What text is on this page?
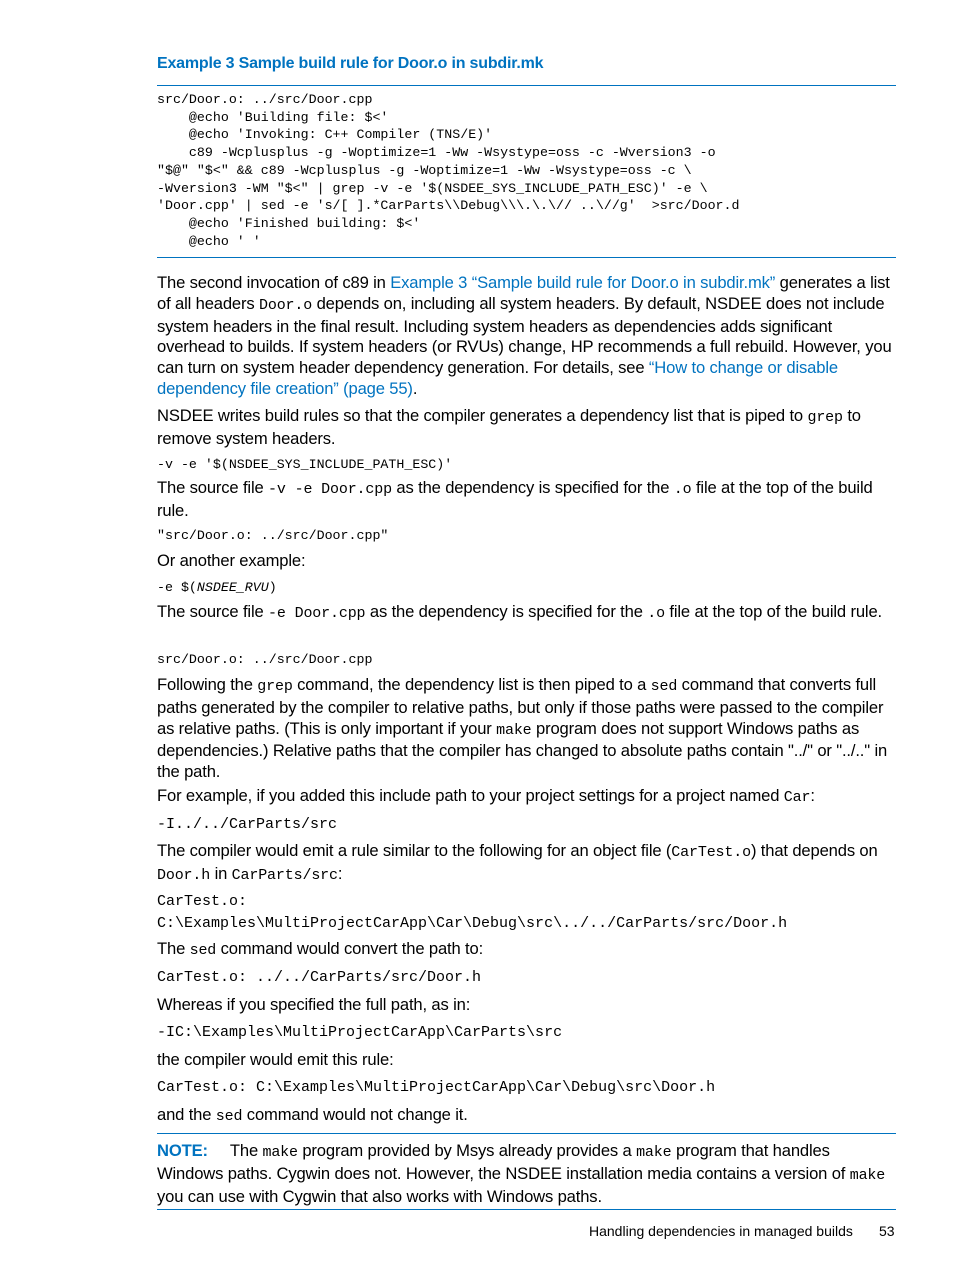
Example 3 Sample build rule for Door.o in subdir.mk
src/Door.o: ../src/Door.cpp
@echo 'Building file: $<'
@echo 'Invoking: C++ Compiler (TNS/E)'
c89 -Wcplusplus -g -Woptimize=1 -Ww -Wsystype=oss -c -Wversion3 -o
"$@" "$<" && c89 -Wcplusplus -g -Woptimize=1 -Ww -Wsystype=oss -c \
-Wversion3 -WM "$<" | grep -v -e '$(NSDEE_SYS_INCLUDE_PATH_ESC)' -e \
'Door.cpp' | sed -e 's/[ ].*CarParts\\Debug\\\.\.\// ..\//g'  >src/Door.d
@echo 'Finished building: $<'
@echo ' '

The second invocation of c89 in Example 3 “Sample build rule for Door.o in subdir.mk” generates a list of all headers Door.o depends on, including all system headers. By default, NSDEE does not include system headers in the final result. Including system headers as dependencies adds significant overhead to builds. If system headers (or RVUs) change, HP recommends a full rebuild. However, you can turn on system header dependency generation. For details, see “How to change or disable dependency file creation” (page 55).

NSDEE writes build rules so that the compiler generates a dependency list that is piped to grep to remove system headers.

-v -e '$(NSDEE_SYS_INCLUDE_PATH_ESC)'

The source file -v -e Door.cpp as the dependency is specified for the .o file at the top of the build rule.

"src/Door.o: ../src/Door.cpp"

Or another example:

-e $(NSDEE_RVU)

The source file -e Door.cpp as the dependency is specified for the .o file at the top of the build rule.

src/Door.o: ../src/Door.cpp

Following the grep command, the dependency list is then piped to a sed command that converts full paths generated by the compiler to relative paths, but only if those paths were passed to the compiler as relative paths. (This is only important if your make program does not support Windows paths as dependencies.) Relative paths that the compiler has changed to absolute paths contain "../" or "../.." in the path.

For example, if you added this include path to your project settings for a project named Car:

-I../../CarParts/src

The compiler would emit a rule similar to the following for an object file (CarTest.o) that depends on Door.h in CarParts/src:

CarTest.o:
C:\Examples\MultiProjectCarApp\Car\Debug\src\../../CarParts/src/Door.h

The sed command would convert the path to:

CarTest.o: ../../CarParts/src/Door.h

Whereas if you specified the full path, as in:

-IC:\Examples\MultiProjectCarApp\CarParts\src

the compiler would emit this rule:

CarTest.o: C:\Examples\MultiProjectCarApp\Car\Debug\src\Door.h

and the sed command would not change it.

NOTE: The make program provided by Msys already provides a make program that handles Windows paths. Cygwin does not. However, the NSDEE installation media contains a version of make you can use with Cygwin that also works with Windows paths.

Handling dependencies in managed builds 53
